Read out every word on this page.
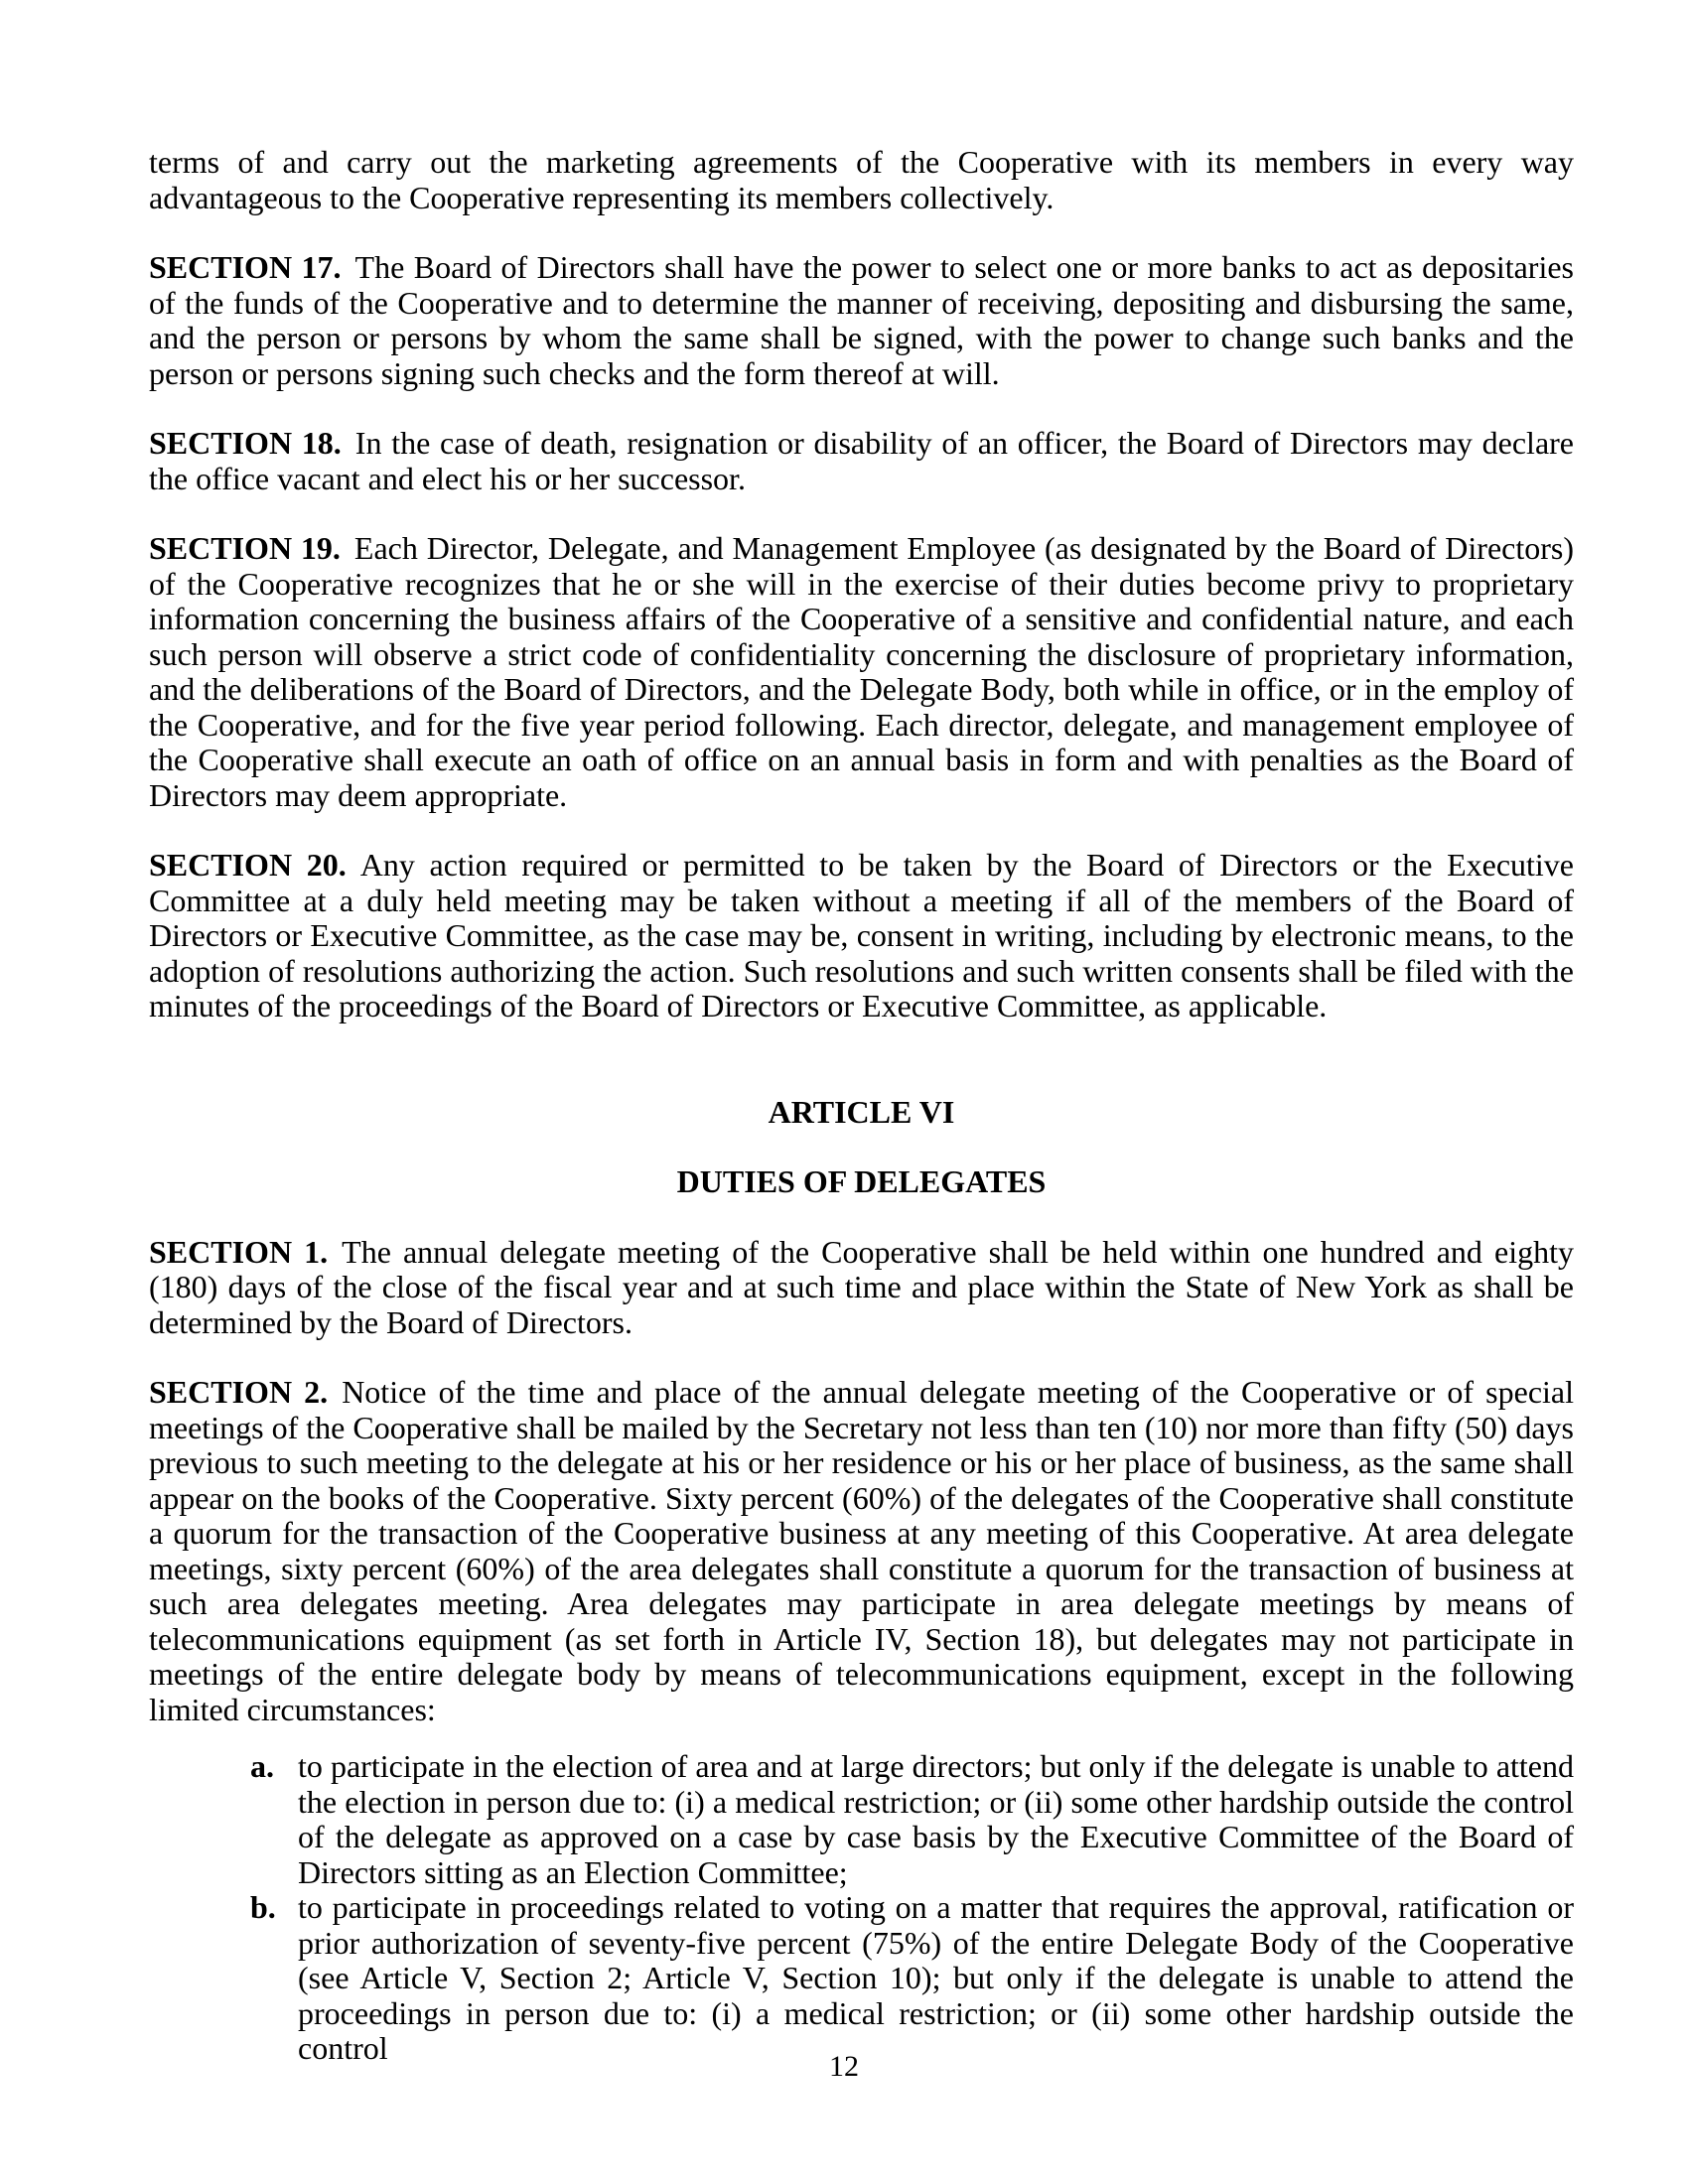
terms of and carry out the marketing agreements of the Cooperative with its members in every way advantageous to the Cooperative representing its members collectively.

SECTION 17. The Board of Directors shall have the power to select one or more banks to act as depositaries of the funds of the Cooperative and to determine the manner of receiving, depositing and disbursing the same, and the person or persons by whom the same shall be signed, with the power to change such banks and the person or persons signing such checks and the form thereof at will.

SECTION 18. In the case of death, resignation or disability of an officer, the Board of Directors may declare the office vacant and elect his or her successor.

SECTION 19. Each Director, Delegate, and Management Employee (as designated by the Board of Directors) of the Cooperative recognizes that he or she will in the exercise of their duties become privy to proprietary information concerning the business affairs of the Cooperative of a sensitive and confidential nature, and each such person will observe a strict code of confidentiality concerning the disclosure of proprietary information, and the deliberations of the Board of Directors, and the Delegate Body, both while in office, or in the employ of the Cooperative, and for the five year period following. Each director, delegate, and management employee of the Cooperative shall execute an oath of office on an annual basis in form and with penalties as the Board of Directors may deem appropriate.

SECTION 20. Any action required or permitted to be taken by the Board of Directors or the Executive Committee at a duly held meeting may be taken without a meeting if all of the members of the Board of Directors or Executive Committee, as the case may be, consent in writing, including by electronic means, to the adoption of resolutions authorizing the action. Such resolutions and such written consents shall be filed with the minutes of the proceedings of the Board of Directors or Executive Committee, as applicable.

ARTICLE VI
DUTIES OF DELEGATES

SECTION 1. The annual delegate meeting of the Cooperative shall be held within one hundred and eighty (180) days of the close of the fiscal year and at such time and place within the State of New York as shall be determined by the Board of Directors.

SECTION 2. Notice of the time and place of the annual delegate meeting of the Cooperative or of special meetings of the Cooperative shall be mailed by the Secretary not less than ten (10) nor more than fifty (50) days previous to such meeting to the delegate at his or her residence or his or her place of business, as the same shall appear on the books of the Cooperative. Sixty percent (60%) of the delegates of the Cooperative shall constitute a quorum for the transaction of the Cooperative business at any meeting of this Cooperative. At area delegate meetings, sixty percent (60%) of the area delegates shall constitute a quorum for the transaction of business at such area delegates meeting. Area delegates may participate in area delegate meetings by means of telecommunications equipment (as set forth in Article IV, Section 18), but delegates may not participate in meetings of the entire delegate body by means of telecommunications equipment, except in the following limited circumstances:

a. to participate in the election of area and at large directors; but only if the delegate is unable to attend the election in person due to: (i) a medical restriction; or (ii) some other hardship outside the control of the delegate as approved on a case by case basis by the Executive Committee of the Board of Directors sitting as an Election Committee;
b. to participate in proceedings related to voting on a matter that requires the approval, ratification or prior authorization of seventy-five percent (75%) of the entire Delegate Body of the Cooperative (see Article V, Section 2; Article V, Section 10); but only if the delegate is unable to attend the proceedings in person due to: (i) a medical restriction; or (ii) some other hardship outside the control
12
